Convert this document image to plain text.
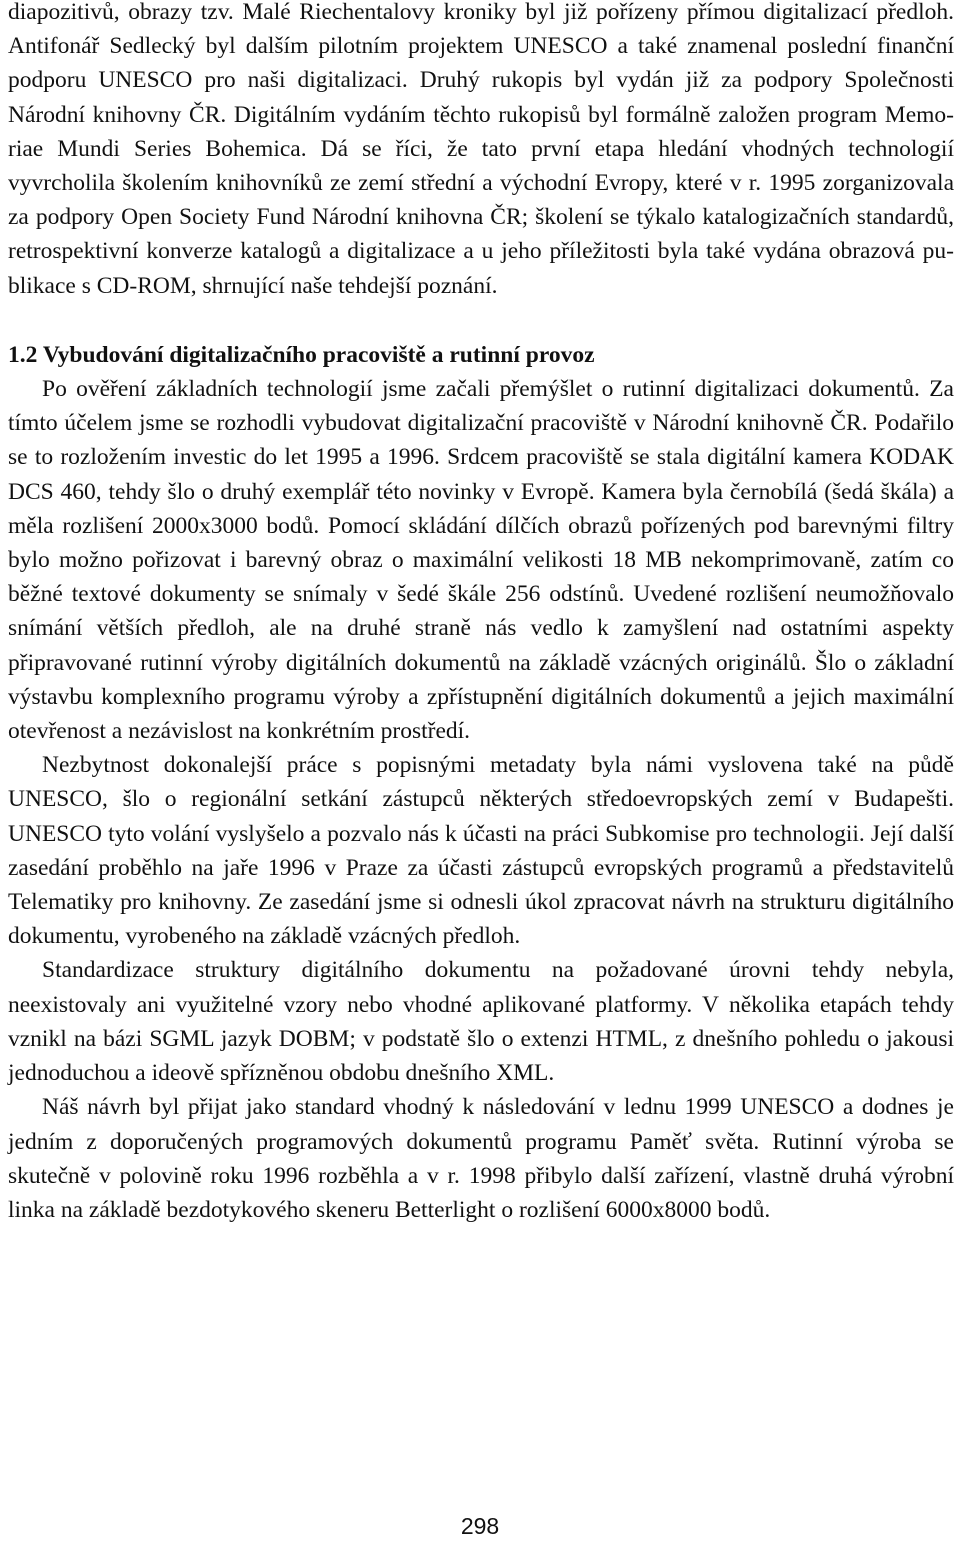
diapozitivů, obrazy tzv. Malé Riechentalovy kroniky byl již pořízeny přímou digitalizací předloh. Antifonář Sedlecký byl dalším pilotním projektem UNESCO a také znamenal poslední finanční podporu UNESCO pro naši digitalizaci. Druhý rukopis byl vydán již za podpory Společnosti Národní knihovny ČR. Digitálním vydáním těchto rukopisů byl formálně založen program Memoriae Mundi Series Bohemica. Dá se říci, že tato první etapa hledání vhodných technologií vyvrcholila školením knihovníků ze zemí střední a východní Evropy, které v r. 1995 zorganizovala za podpory Open Society Fund Národní knihovna ČR; školení se týkalo katalogizačních standardů, retrospektivní konverze katalogů a digitalizace a u jeho příležitosti byla také vydána obrazová publikace s CD-ROM, shrnující naše tehdejší poznání.

1.2 Vybudování digitalizačního pracoviště a rutinní provoz

Po ověření základních technologií jsme začali přemýšlet o rutinní digitalizaci dokumentů. Za tímto účelem jsme se rozhodli vybudovat digitalizační pracoviště v Národní knihovně ČR. Podařilo se to rozložením investic do let 1995 a 1996. Srdcem pracoviště se stala digitální kamera KODAK DCS 460, tehdy šlo o druhý exemplář této novinky v Evropě. Kamera byla černobílá (šedá škála) a měla rozlišení 2000x3000 bodů. Pomocí skládání dílčích obrazů pořízených pod barevnými filtry bylo možno pořizovat i barevný obraz o maximální velikosti 18 MB nekomprimovaně, zatím co běžné textové dokumenty se snímaly v šedé škále 256 odstínů. Uvedené rozlišení neumožňovalo snímání větších předloh, ale na druhé straně nás vedlo k zamyšlení nad ostatními aspekty připravované rutinní výroby digitálních dokumentů na základě vzácných originálů. Šlo o základní výstavbu komplexního programu výroby a zpřístupnění digitálních dokumentů a jejich maximální otevřenost a nezávislost na konkrétním prostředí.

Nezbytnost dokonalejší práce s popisnými metadaty byla námi vyslovena také na půdě UNESCO, šlo o regionální setkání zástupců některých středoevropských zemí v Budapešti. UNESCO tyto volání vyslyšelo a pozvalo nás k účasti na práci Subkomise pro technologii. Její další zasedání proběhlo na jaře 1996 v Praze za účasti zástupců evropských programů a představitelů Telematiky pro knihovny. Ze zasedání jsme si odnesli úkol zpracovat návrh na strukturu digitálního dokumentu, vyrobeného na základě vzácných předloh.

Standardizace struktury digitálního dokumentu na požadované úrovni tehdy nebyla, neexistovaly ani využitelné vzory nebo vhodné aplikované platformy. V několika etapách tehdy vznikl na bázi SGML jazyk DOBM; v podstatě šlo o extenzi HTML, z dnešního pohledu o jakousi jednoduchou a ideově spřízněnou obdobu dnešního XML.

Náš návrh byl přijat jako standard vhodný k následování v lednu 1999 UNESCO a dodnes je jedním z doporučených programových dokumentů programu Paměť světa. Rutinní výroba se skutečně v polovině roku 1996 rozběhla a v r. 1998 přibylo další zařízení, vlastně druhá výrobní linka na základě bezdotykového skeneru Betterlight o rozlišení 6000x8000 bodů.

298
